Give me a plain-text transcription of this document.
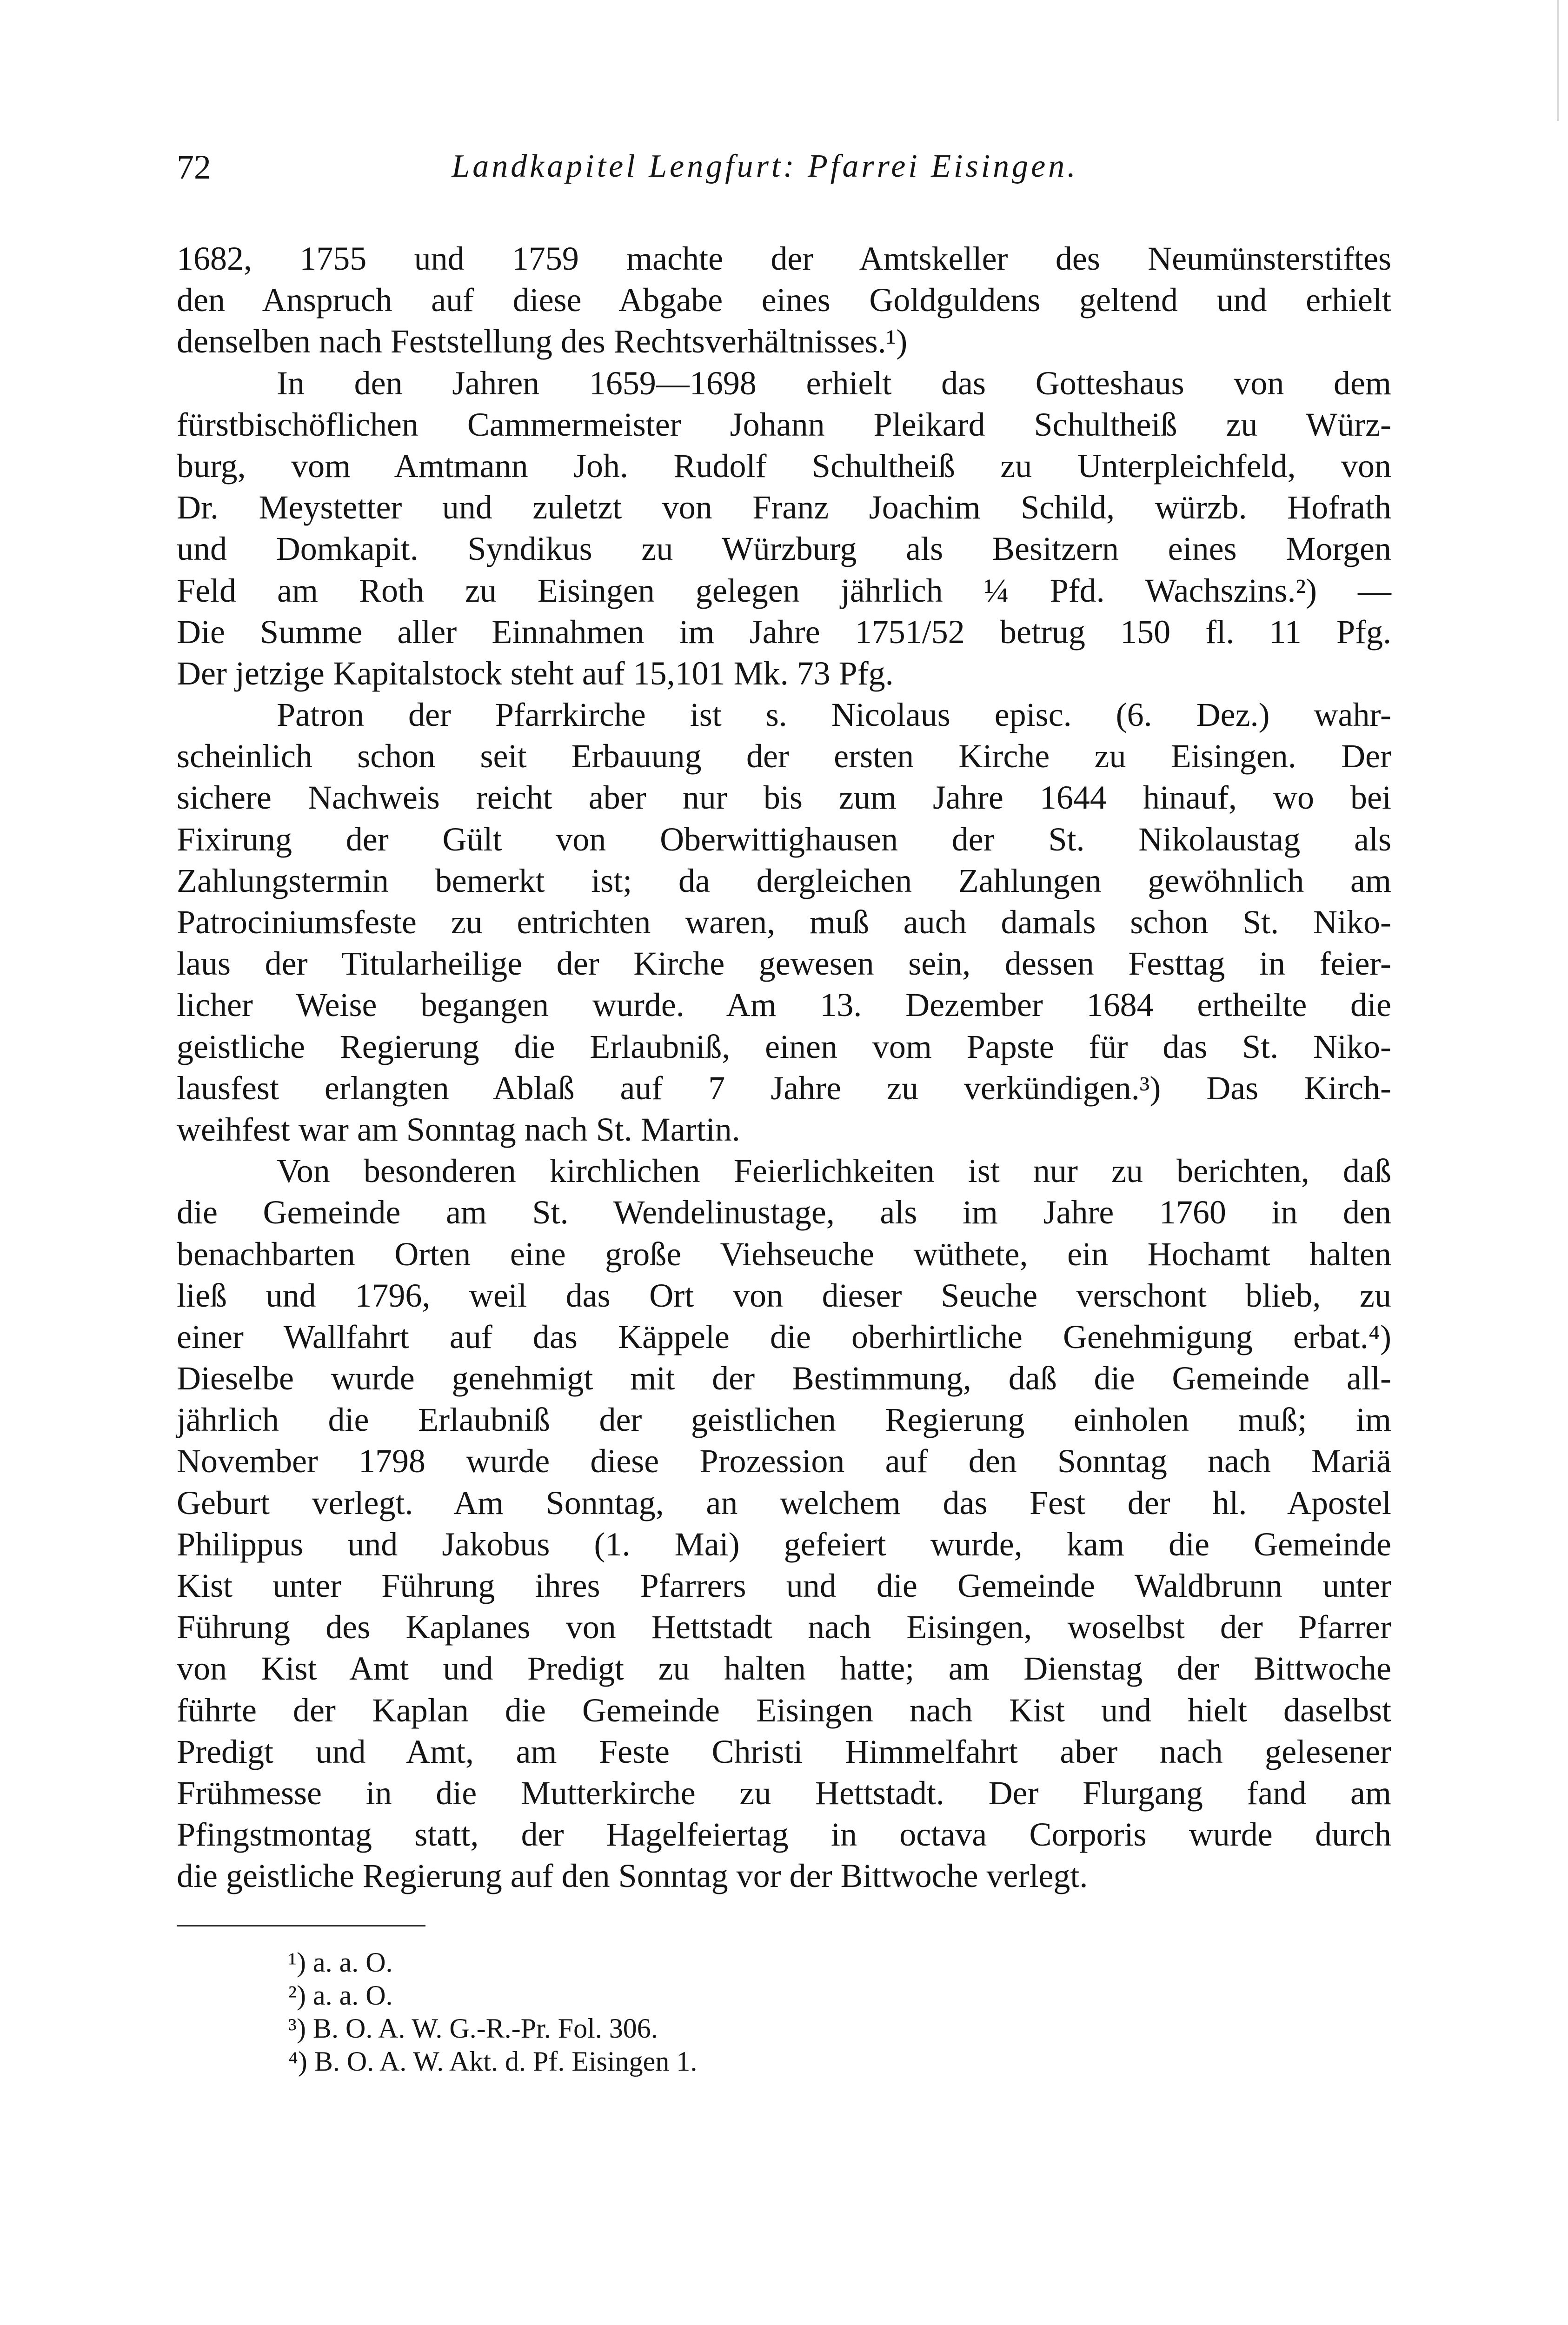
72	Landkapitel Lengfurt: Pfarrei Eisingen.
1682, 1755 und 1759 machte der Amtskeller des Neumünsterstiftes
den Anspruch auf diese Abgabe eines Goldguldens geltend und erhielt
denselben nach Feststellung des Rechtsverhältnisses.¹)
In den Jahren 1659—1698 erhielt das Gotteshaus von dem
fürstbischöflichen Cammermeister Johann Pleikard Schultheiß zu Würz-
burg, vom Amtmann Joh. Rudolf Schultheiß zu Unterpleichfeld, von
Dr. Meystetter und zuletzt von Franz Joachim Schild, würzb. Hofrath
und Domkapit. Syndikus zu Würzburg als Besitzern eines Morgen
Feld am Roth zu Eisingen gelegen jährlich ¼ Pfd. Wachszins.²) —
Die Summe aller Einnahmen im Jahre 1751/52 betrug 150 fl. 11 Pfg.
Der jetzige Kapitalstock steht auf 15,101 Mk. 73 Pfg.
Patron der Pfarrkirche ist s. Nicolaus episc. (6. Dez.) wahr-
scheinlich schon seit Erbauung der ersten Kirche zu Eisingen. Der
sichere Nachweis reicht aber nur bis zum Jahre 1644 hinauf, wo bei
Fixirung der Gült von Oberwittighausen der St. Nikolaustag als
Zahlungstermin bemerkt ist; da dergleichen Zahlungen gewöhnlich am
Patrociniumsfeste zu entrichten waren, muß auch damals schon St. Niko-
laus der Titularheilige der Kirche gewesen sein, dessen Festtag in feier-
licher Weise begangen wurde. Am 13. Dezember 1684 ertheilte die
geistliche Regierung die Erlaubniß, einen vom Papste für das St. Niko-
lausfest erlangten Ablaß auf 7 Jahre zu verkündigen.³) Das Kirch-
weihfest war am Sonntag nach St. Martin.
Von besonderen kirchlichen Feierlichkeiten ist nur zu berichten, daß
die Gemeinde am St. Wendelinustage, als im Jahre 1760 in den
benachbarten Orten eine große Viehseuche wüthete, ein Hochamt halten
ließ und 1796, weil das Ort von dieser Seuche verschont blieb, zu
einer Wallfahrt auf das Käppele die oberhirtliche Genehmigung erbat.⁴)
Dieselbe wurde genehmigt mit der Bestimmung, daß die Gemeinde all-
jährlich die Erlaubniß der geistlichen Regierung einholen muß; im
November 1798 wurde diese Prozession auf den Sonntag nach Mariä
Geburt verlegt. Am Sonntag, an welchem das Fest der hl. Apostel
Philippus und Jakobus (1. Mai) gefeiert wurde, kam die Gemeinde
Kist unter Führung ihres Pfarrers und die Gemeinde Waldbrunn unter
Führung des Kaplanes von Hettstadt nach Eisingen, woselbst der Pfarrer
von Kist Amt und Predigt zu halten hatte; am Dienstag der Bittwoche
führte der Kaplan die Gemeinde Eisingen nach Kist und hielt daselbst
Predigt und Amt, am Feste Christi Himmelfahrt aber nach gelesener
Frühmesse in die Mutterkirche zu Hettstadt. Der Flurgang fand am
Pfingstmontag statt, der Hagelfeiertag in octava Corporis wurde durch
die geistliche Regierung auf den Sonntag vor der Bittwoche verlegt.
¹) a. a. O.
²) a. a. O.
³) B. O. A. W. G.-R.-Pr. Fol. 306.
⁴) B. O. A. W. Akt. d. Pf. Eisingen 1.
